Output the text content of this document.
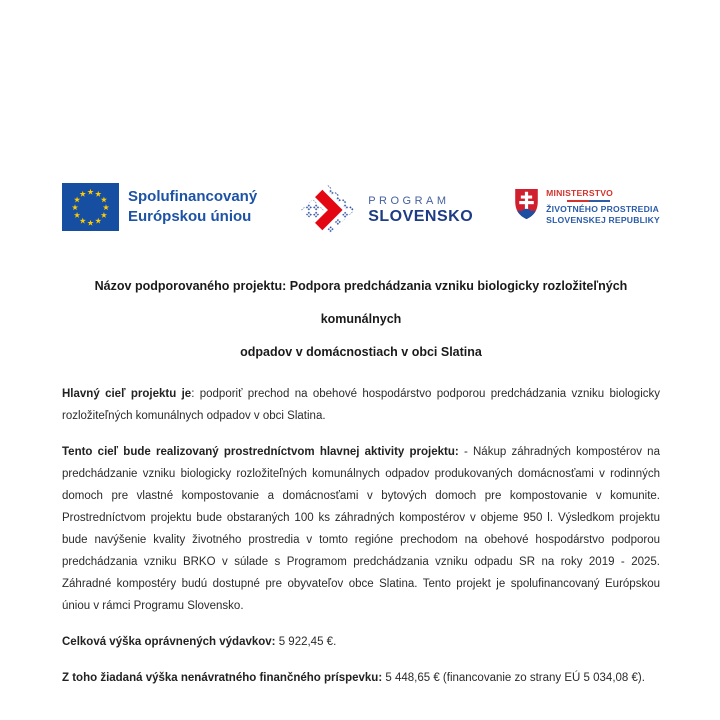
Spolufinancovaný
Európskou úniou
PROGRAM
SLOVENSKO
MINISTERSTVO
ŽIVOTNÉHO PROSTREDIA
SLOVENSKEJ REPUBLIKY
Názov podporovaného projektu: Podpora predchádzania vzniku biologicky rozložiteľných komunálnych
odpadov v domácnostiach v obci Slatina

Hlavný cieľ projektu je: podporiť prechod na obehové hospodárstvo podporou predchádzania vzniku biologicky rozložiteľných komunálnych odpadov v obci Slatina.

Tento cieľ bude realizovaný prostredníctvom hlavnej aktivity projektu: - Nákup záhradných kompostérov na predchádzanie vzniku biologicky rozložiteľných komunálnych odpadov produkovaných domácnosťami v rodinných domoch pre vlastné kompostovanie a domácnosťami v bytových domoch pre kompostovanie v komunite. Prostredníctvom projektu bude obstaraných 100 ks záhradných kompostérov v objeme 950 l. Výsledkom projektu bude navýšenie kvality životného prostredia v tomto regióne prechodom na obehové hospodárstvo podporou predchádzania vzniku BRKO v súlade s Programom predchádzania vzniku odpadu SR na roky 2019 - 2025. Záhradné kompostéry budú dostupné pre obyvateľov obce Slatina. Tento projekt je spolufinancovaný Európskou úniou v rámci Programu Slovensko.

Celková výška oprávnených výdavkov: 5 922,45 €.

Z toho žiadaná výška nenávratného finančného príspevku: 5 448,65 € (financovanie zo strany EÚ 5 034,08 €).
